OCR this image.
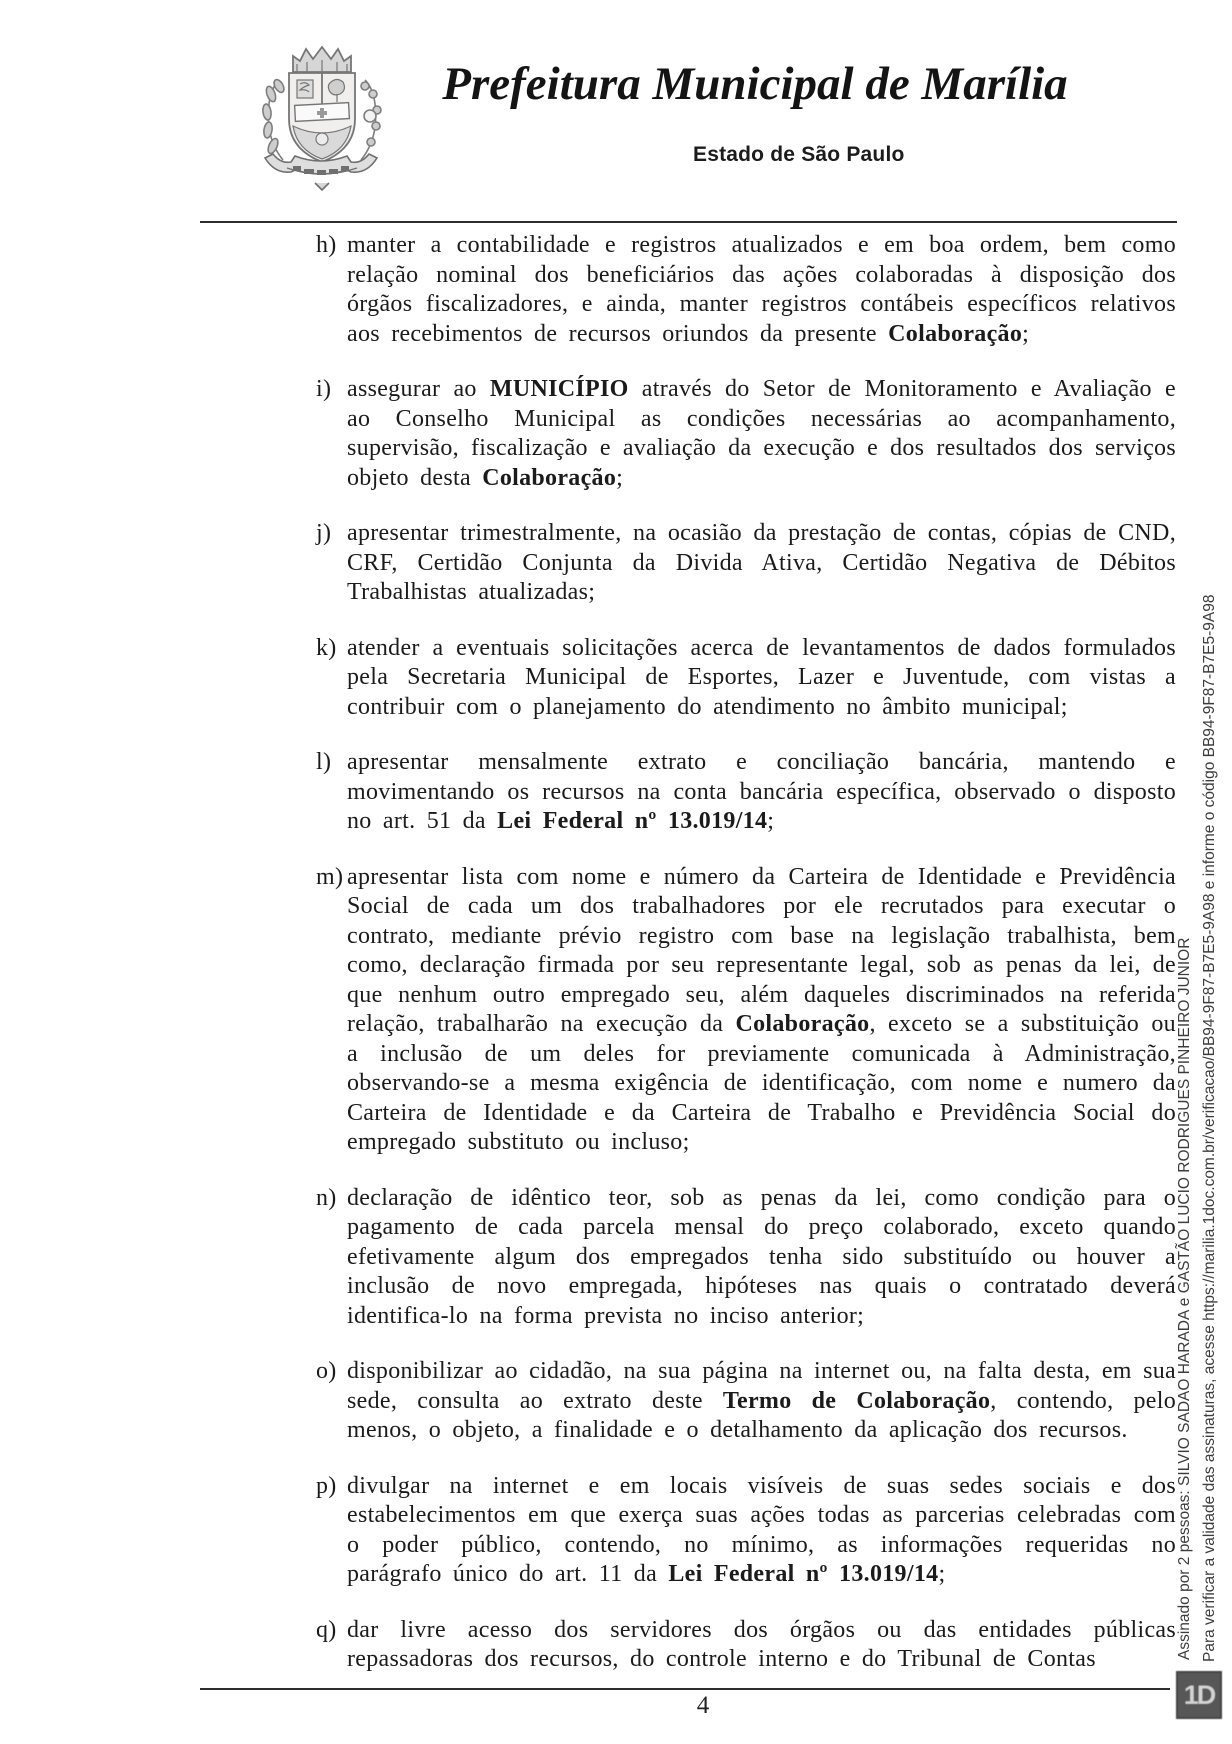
Prefeitura Municipal de Marília
Estado de São Paulo
h) manter a contabilidade e registros atualizados e em boa ordem, bem como relação nominal dos beneficiários das ações colaboradas à disposição dos órgãos fiscalizadores, e ainda, manter registros contábeis específicos relativos aos recebimentos de recursos oriundos da presente Colaboração;
i) assegurar ao MUNICÍPIO através do Setor de Monitoramento e Avaliação e ao Conselho Municipal as condições necessárias ao acompanhamento, supervisão, fiscalização e avaliação da execução e dos resultados dos serviços objeto desta Colaboração;
j) apresentar trimestralmente, na ocasião da prestação de contas, cópias de CND, CRF, Certidão Conjunta da Divida Ativa, Certidão Negativa de Débitos Trabalhistas atualizadas;
k) atender a eventuais solicitações acerca de levantamentos de dados formulados pela Secretaria Municipal de Esportes, Lazer e Juventude, com vistas a contribuir com o planejamento do atendimento no âmbito municipal;
l) apresentar mensalmente extrato e conciliação bancária, mantendo e movimentando os recursos na conta bancária específica, observado o disposto no art. 51 da Lei Federal nº 13.019/14;
m) apresentar lista com nome e número da Carteira de Identidade e Previdência Social de cada um dos trabalhadores por ele recrutados para executar o contrato, mediante prévio registro com base na legislação trabalhista, bem como, declaração firmada por seu representante legal, sob as penas da lei, de que nenhum outro empregado seu, além daqueles discriminados na referida relação, trabalharão na execução da Colaboração, exceto se a substituição ou a inclusão de um deles for previamente comunicada à Administração, observando-se a mesma exigência de identificação, com nome e numero da Carteira de Identidade e da Carteira de Trabalho e Previdência Social do empregado substituto ou incluso;
n) declaração de idêntico teor, sob as penas da lei, como condição para o pagamento de cada parcela mensal do preço colaborado, exceto quando efetivamente algum dos empregados tenha sido substituído ou houver a inclusão de novo empregada, hipóteses nas quais o contratado deverá identifica-lo na forma prevista no inciso anterior;
o) disponibilizar ao cidadão, na sua página na internet ou, na falta desta, em sua sede, consulta ao extrato deste Termo de Colaboração, contendo, pelo menos, o objeto, a finalidade e o detalhamento da aplicação dos recursos.
p) divulgar na internet e em locais visíveis de suas sedes sociais e dos estabelecimentos em que exerça suas ações todas as parcerias celebradas com o poder público, contendo, no mínimo, as informações requeridas no parágrafo único do art. 11 da Lei Federal nº 13.019/14;
q) dar livre acesso dos servidores dos órgãos ou das entidades públicas repassadoras dos recursos, do controle interno e do Tribunal de Contas	Assinado por 2 pessoas: SILVIO SADAO HARADA e GASTÃO LUCIO RODRIGUES PINHEIRO JUNIOR Para verificar a validade das assinaturas, acesse https://marilia.1doc.com.br/verificacao/BB94-9F87-B7E5-9A98 e informe o código BB94-9F87-B7E5-9A98
1D
4
